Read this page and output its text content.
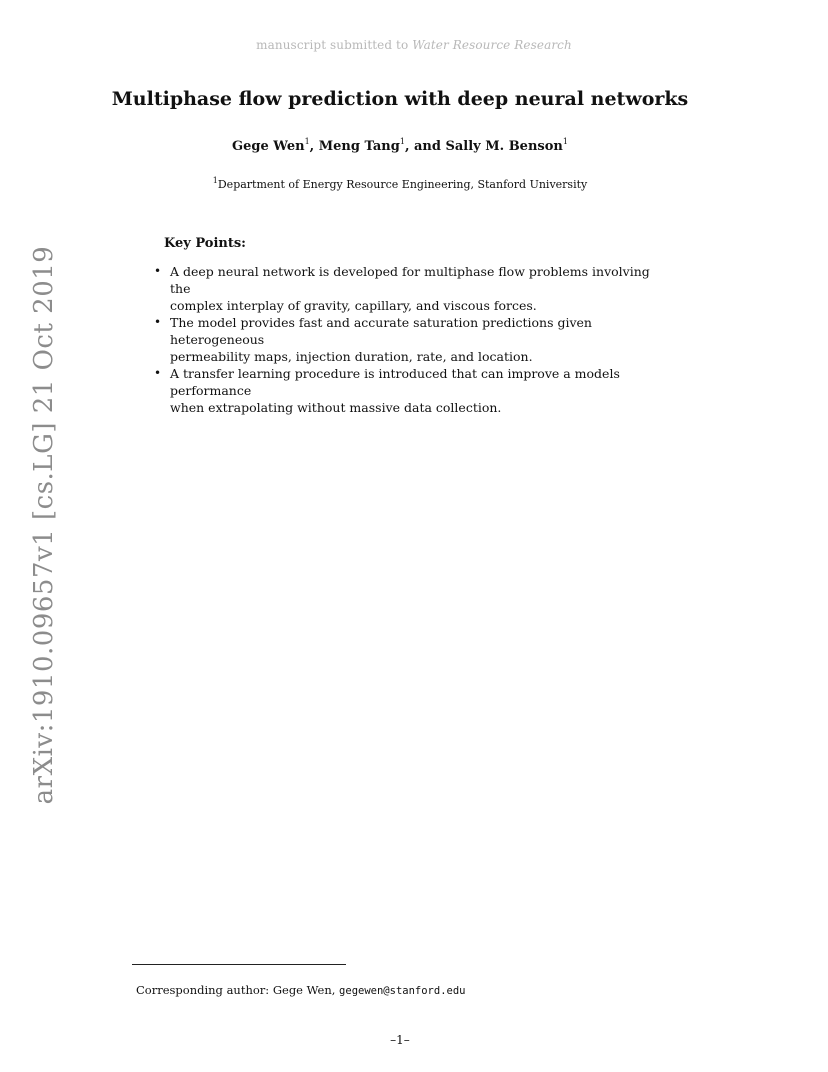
manuscript submitted to Water Resource Research
Multiphase flow prediction with deep neural networks
Gege Wen$^1$, Meng Tang$^1$, and Sally M. Benson$^1$
$^1$Department of Energy Resource Engineering, Stanford University
Key Points:
• A deep neural network is developed for multiphase flow problems involving the
complex interplay of gravity, capillary, and viscous forces.
• The model provides fast and accurate saturation predictions given heterogeneous
permeability maps, injection duration, rate, and location.
• A transfer learning procedure is introduced that can improve a models performance
when extrapolating without massive data collection.
arXiv:1910.09657v1 [cs.LG] 21 Oct 2019
Corresponding author: Gege Wen, gegewen@stanford.edu
–1–
